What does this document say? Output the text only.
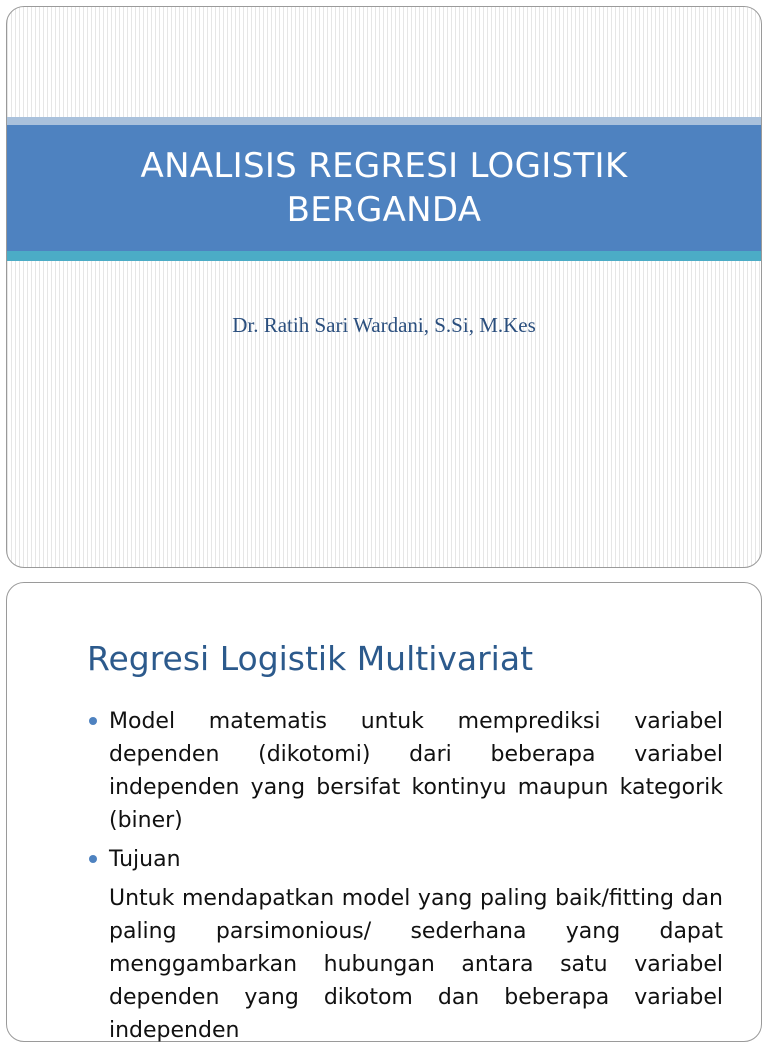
ANALISIS REGRESI LOGISTIK
BERGANDA
Dr. Ratih Sari Wardani, S.Si, M.Kes
Regresi Logistik Multivariat
Model matematis untuk memprediksi variabel dependen (dikotomi) dari beberapa variabel independen yang bersifat kontinyu maupun kategorik (biner)
Tujuan
Untuk mendapatkan model yang paling baik/fitting dan paling parsimonious/ sederhana yang dapat menggambarkan hubungan antara satu variabel dependen yang dikotom dan beberapa variabel independen
